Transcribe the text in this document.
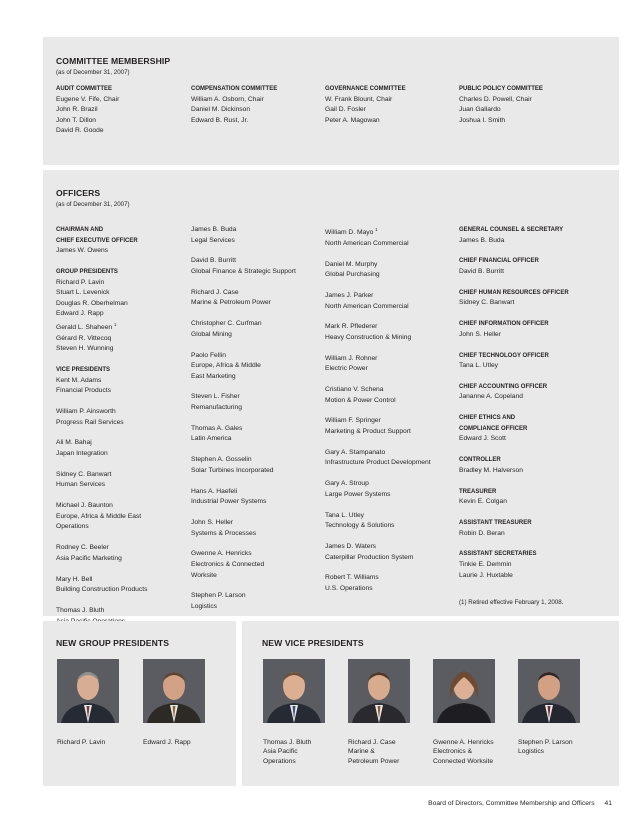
COMMITTEE MEMBERSHIP
(as of December 31, 2007)
AUDIT COMMITTEE
Eugene V. Fife, Chair
John R. Brazil
John T. Dillon
David R. Goode
COMPENSATION COMMITTEE
William A. Osborn, Chair
Daniel M. Dickinson
Edward B. Rust, Jr.
GOVERNANCE COMMITTEE
W. Frank Blount, Chair
Gail D. Fosler
Peter A. Magowan
PUBLIC POLICY COMMITTEE
Charles D. Powell, Chair
Juan Gallardo
Joshua I. Smith
OFFICERS
(as of December 31, 2007)
CHAIRMAN AND
CHIEF EXECUTIVE OFFICER
James W. Owens
GROUP PRESIDENTS
Richard P. Lavin
Stuart L. Levenick
Douglas R. Oberhelman
Edward J. Rapp
Gerald L. Shaheen $^1$
Gérard R. Vittecoq
Steven H. Wunning
VICE PRESIDENTS
Kent M. Adams
Financial Products
William P. Ainsworth
Progress Rail Services
Ali M. Bahaj
Japan Integration
Sidney C. Banwart
Human Services
Michael J. Baunton
Europe, Africa & Middle East
Operations
Rodney C. Beeler
Asia Pacific Marketing
Mary H. Bell
Building Construction Products
Thomas J. Bluth
James B. Buda
Legal Services
David B. Burritt
Global Finance & Strategic Support
Richard J. Case
Marine & Petroleum Power
Christopher C. Curfman
Global Mining
Paolo Fellin
Europe, Africa & Middle
East Marketing
Steven L. Fisher
Remanufacturing
Thomas A. Gales
Latin America
Stephen A. Gosselin
Solar Turbines Incorporated
Hans A. Haefeli
Industrial Power Systems
John S. Heller
Systems & Processes
Gwenne A. Henricks
Electronics & Connected
Worksite
Stephen P. Larson
Logistics
William D. Mayo $^1$
North American Commercial
Daniel M. Murphy
Global Purchasing
James J. Parker
North American Commercial
Mark R. Pflederer
Heavy Construction & Mining
William J. Rohner
Electric Power
Cristiano V. Schena
Motion & Power Control
William F. Springer
Marketing & Product Support
Gary A. Stampanato
Infrastructure Product Development
Gary A. Stroup
Large Power Systems
Tana L. Utley
Technology & Solutions
James D. Waters
Caterpillar Production System
Robert T. Williams
U.S. Operations
GENERAL COUNSEL & SECRETARY
James B. Buda
CHIEF FINANCIAL OFFICER
David B. Burritt
CHIEF HUMAN RESOURCES OFFICER
Sidney C. Banwart
CHIEF INFORMATION OFFICER
John S. Heller
CHIEF TECHNOLOGY OFFICER
Tana L. Utley
CHIEF ACCOUNTING OFFICER
Jananne A. Copeland
CHIEF ETHICS AND
COMPLIANCE OFFICER
Edward J. Scott
CONTROLLER
Bradley M. Halverson
TREASURER
Kevin E. Colgan
ASSISTANT TREASURER
Robin D. Beran
ASSISTANT SECRETARIES
Tinkie E. Demmin
Laurie J. Huxtable
(1) Retired effective February 1, 2008.
NEW GROUP PRESIDENTS	NEW VICE PRESIDENTS
Richard P. Lavin	Edward J. Rapp	Thomas J. Bluth
Asia Pacific
Operations
Richard J. Case
Marine &
Petroleum Power
Gwenne A. Henricks
Electronics &
Connected Worksite
Stephen P. Larson
Logistics
Board of Directors, Committee Membership and Officers 41
